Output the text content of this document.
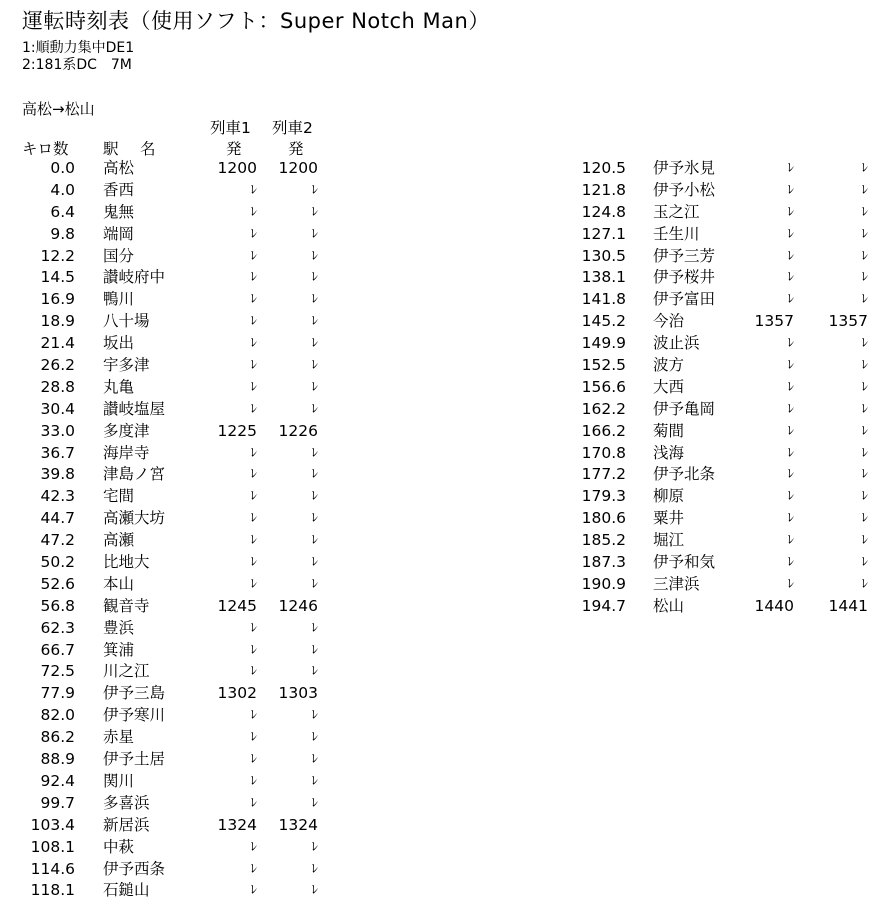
運転時刻表（使用ソフト：Super Notch Man）
1:順動力集中DE1
2:181系DC　7M
高松→松山
列車1	列車2
キロ数	駅　名	発	発
0.0 高松	1200	1200
4.0 香西	ﾚ	ﾚ
6.4 鬼無	ﾚ	ﾚ
9.8 端岡	ﾚ	ﾚ
12.2 国分	ﾚ	ﾚ
14.5 讃岐府中	ﾚ	ﾚ
16.9 鴨川	ﾚ	ﾚ
18.9 八十場	ﾚ	ﾚ
21.4 坂出	ﾚ	ﾚ
26.2 宇多津	ﾚ	ﾚ
28.8 丸亀	ﾚ	ﾚ
30.4 讃岐塩屋	ﾚ	ﾚ
33.0 多度津	1225	1226
36.7 海岸寺	ﾚ	ﾚ
39.8 津島ノ宮	ﾚ	ﾚ
42.3 宅間	ﾚ	ﾚ
44.7 高瀬大坊	ﾚ	ﾚ
47.2 高瀬	ﾚ	ﾚ
50.2 比地大	ﾚ	ﾚ
52.6 本山	ﾚ	ﾚ
56.8 観音寺	1245	1246
62.3 豊浜	ﾚ	ﾚ
66.7 箕浦	ﾚ	ﾚ
72.5 川之江	ﾚ	ﾚ
77.9 伊予三島	1302	1303
82.0 伊予寒川	ﾚ	ﾚ
86.2 赤星	ﾚ	ﾚ
88.9 伊予土居	ﾚ	ﾚ
92.4 関川	ﾚ	ﾚ
99.7 多喜浜	ﾚ	ﾚ
103.4 新居浜	1324	1324
108.1 中萩	ﾚ	ﾚ
114.6 伊予西条	ﾚ	ﾚ
118.1 石鎚山	ﾚ	ﾚ
120.5 伊予氷見	ﾚ	ﾚ
121.8 伊予小松	ﾚ	ﾚ
124.8 玉之江	ﾚ	ﾚ
127.1 壬生川	ﾚ	ﾚ
130.5 伊予三芳	ﾚ	ﾚ
138.1 伊予桜井	ﾚ	ﾚ
141.8 伊予富田	ﾚ	ﾚ
145.2 今治	1357	1357
149.9 波止浜	ﾚ	ﾚ
152.5 波方	ﾚ	ﾚ
156.6 大西	ﾚ	ﾚ
162.2 伊予亀岡	ﾚ	ﾚ
166.2 菊間	ﾚ	ﾚ
170.8 浅海	ﾚ	ﾚ
177.2 伊予北条	ﾚ	ﾚ
179.3 柳原	ﾚ	ﾚ
180.6 粟井	ﾚ	ﾚ
185.2 堀江	ﾚ	ﾚ
187.3 伊予和気	ﾚ	ﾚ
190.9 三津浜	ﾚ	ﾚ
194.7 松山	1440	1441
